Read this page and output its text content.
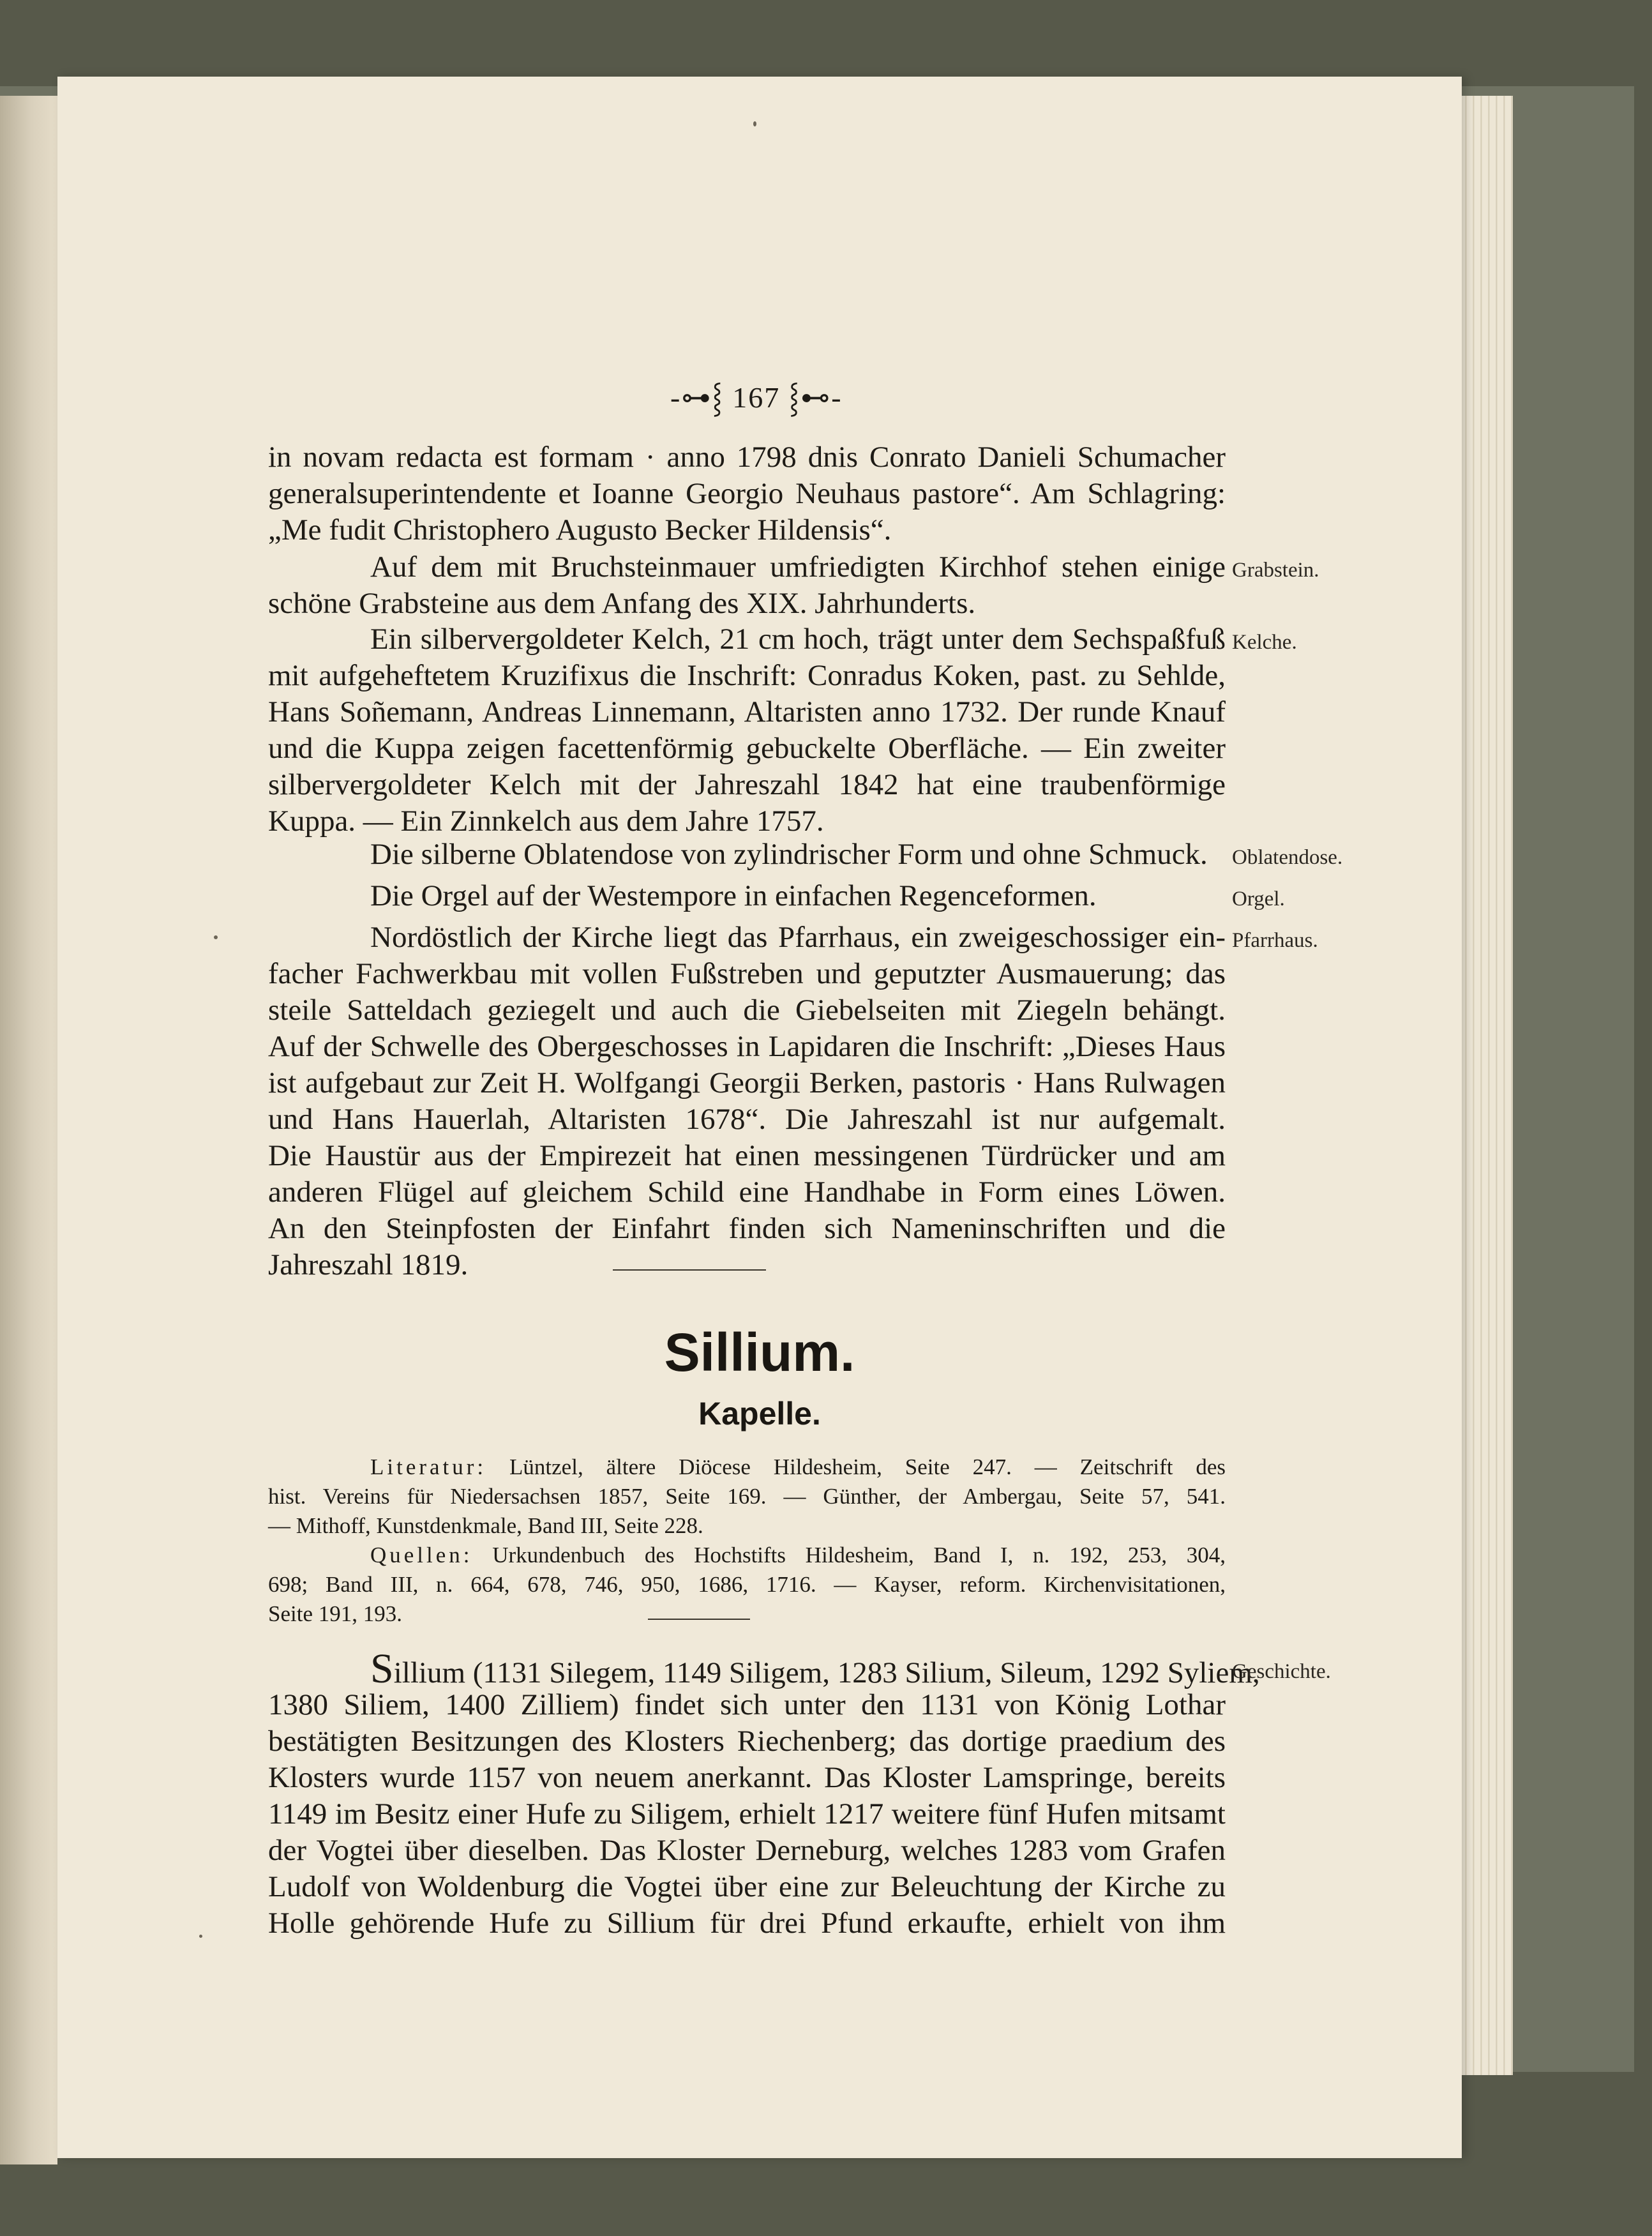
-⊶⸾ 167 ⸾⊷-
in novam redacta est formam · anno 1798 dnis Conrato Danieli Schumacher
generalsuperintendente et Ioanne Georgio Neuhaus pastore“. Am Schlagring:
„Me fudit Christophero Augusto Becker Hildensis“.
Auf dem mit Bruchsteinmauer umfriedigten Kirchhof stehen einige
schöne Grabsteine aus dem Anfang des XIX. Jahrhunderts.
Grabstein.
Ein silbervergoldeter Kelch, 21 cm hoch, trägt unter dem Sechspaßfuß
mit aufgeheftetem Kruzifixus die Inschrift: Conradus Koken, past. zu Sehlde,
Hans Soñemann, Andreas Linnemann, Altaristen anno 1732. Der runde Knauf
und die Kuppa zeigen facettenförmig gebuckelte Oberfläche. — Ein zweiter
silbervergoldeter Kelch mit der Jahreszahl 1842 hat eine traubenförmige
Kuppa. — Ein Zinnkelch aus dem Jahre 1757.
Kelche.
Die silberne Oblatendose von zylindrischer Form und ohne Schmuck.	Oblatendose.
Die Orgel auf der Westempore in einfachen Regenceformen.	Orgel.
Nordöstlich der Kirche liegt das Pfarrhaus, ein zweigeschossiger ein-
facher Fachwerkbau mit vollen Fußstreben und geputzter Ausmauerung; das
steile Satteldach geziegelt und auch die Giebelseiten mit Ziegeln behängt.
Auf der Schwelle des Obergeschosses in Lapidaren die Inschrift: „Dieses Haus
ist aufgebaut zur Zeit H. Wolfgangi Georgii Berken, pastoris · Hans Rulwagen
und Hans Hauerlah, Altaristen 1678“. Die Jahreszahl ist nur aufgemalt.
Die Haustür aus der Empirezeit hat einen messingenen Türdrücker und am
anderen Flügel auf gleichem Schild eine Handhabe in Form eines Löwen.
An den Steinpfosten der Einfahrt finden sich Nameninschriften und die
Jahreszahl 1819.
Pfarrhaus.
Sillium.
Kapelle.
Literatur: Lüntzel, ältere Diöcese Hildesheim, Seite 247. — Zeitschrift des
hist. Vereins für Niedersachsen 1857, Seite 169. — Günther, der Ambergau, Seite 57, 541.
— Mithoff, Kunstdenkmale, Band III, Seite 228.
Quellen: Urkundenbuch des Hochstifts Hildesheim, Band I, n. 192, 253, 304,
698; Band III, n. 664, 678, 746, 950, 1686, 1716. — Kayser, reform. Kirchenvisitationen,
Seite 191, 193.
Sillium (1131 Silegem, 1149 Siligem, 1283 Silium, Sileum, 1292 Syliem,
1380 Siliem, 1400 Zilliem) findet sich unter den 1131 von König Lothar
bestätigten Besitzungen des Klosters Riechenberg; das dortige praedium des
Klosters wurde 1157 von neuem anerkannt. Das Kloster Lamspringe, bereits
1149 im Besitz einer Hufe zu Siligem, erhielt 1217 weitere fünf Hufen mitsamt
der Vogtei über dieselben. Das Kloster Derneburg, welches 1283 vom Grafen
Ludolf von Woldenburg die Vogtei über eine zur Beleuchtung der Kirche zu
Holle gehörende Hufe zu Sillium für drei Pfund erkaufte, erhielt von ihm
Geschichte.
